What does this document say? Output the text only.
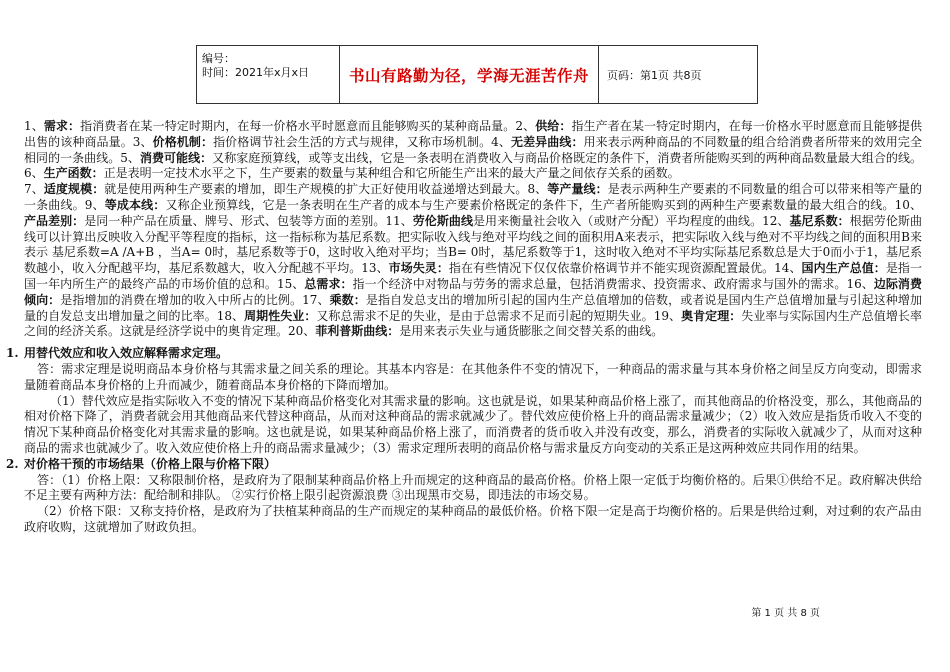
编号：
时间：2021年x月x日	书山有路勤为径，学海无涯苦作舟 页码：第1页 共8页

1、需求：指消费者在某一特定时期内，在每一价格水平时愿意而且能够购买的某种商品量。2、供给：指生产者在某一特定时期内，在每一价格水平时愿意而且能够提供出售的该种商品量。3、价格机制：指价格调节社会生活的方式与规律，又称市场机制。4、无差异曲线：用来表示两种商品的不同数量的组合给消费者所带来的效用完全相同的一条曲线。5、消费可能线：又称家庭预算线，或等支出线，它是一条表明在消费收入与商品价格既定的条件下，消费者所能购买到的两种商品数量最大组合的线。6、生产函数：正是表明一定技术水平之下，生产要素的数量与某种组合和它所能生产出来的最大产量之间依存关系的函数。

7、适度规模：就是使用两种生产要素的增加，即生产规模的扩大正好使用收益递增达到最大。8、等产量线：是表示两种生产要素的不同数量的组合可以带来相等产量的一条曲线。9、等成本线：又称企业预算线，它是一条表明在生产者的成本与生产要素价格既定的条件下，生产者所能购买到的两种生产要素数量的最大组合的线。10、产品差别：是同一种产品在质量、牌号、形式、包装等方面的差别。11、劳伦斯曲线是用来衡量社会收入（或财产分配）平均程度的曲线。12、基尼系数：根据劳伦斯曲线可以计算出反映收入分配平等程度的指标，这一指标称为基尼系数。把实际收入线与绝对平均线之间的面积用A来表示，把实际收入线与绝对不平均线之间的面积用B来表示 基尼系数=A /A+B ，当A= 0时，基尼系数等于0，这时收入绝对平均；当B= 0时，基尼系数等于1，这时收入绝对不平均实际基尼系数总是大于0而小于1，基尼系数越小，收入分配越平均，基尼系数越大，收入分配越不平均。13、市场失灵：指在有些情况下仅仅依靠价格调节并不能实现资源配置最优。14、国内生产总值：是指一国一年内所生产的最终产品的市场价值的总和。15、总需求：指一个经济中对物品与劳务的需求总量，包括消费需求、投资需求、政府需求与国外的需求。16、边际消费倾向：是指增加的消费在增加的收入中所占的比例。17、乘数：是指自发总支出的增加所引起的国内生产总值增加的倍数，或者说是国内生产总值增加量与引起这种增加量的自发总支出增加量之间的比率。18、周期性失业：又称总需求不足的失业，是由于总需求不足而引起的短期失业。19、奥肯定理：失业率与实际国内生产总值增长率之间的经济关系。这就是经济学说中的奥肯定理。20、菲利普斯曲线：是用来表示失业与通货膨胀之间交替关系的曲线。

1. 用替代效应和收入效应解释需求定理。

答：需求定理是说明商品本身价格与其需求量之间关系的理论。其基本内容是：在其他条件不变的情况下，一种商品的需求量与其本身价格之间呈反方向变动，即需求量随着商品本身价格的上升而减少，随着商品本身价格的下降而增加。

（1）替代效应是指实际收入不变的情况下某种商品价格变化对其需求量的影响。这也就是说，如果某种商品价格上涨了，而其他商品的价格没变，那么，其他商品的相对价格下降了，消费者就会用其他商品来代替这种商品，从而对这种商品的需求就减少了。替代效应使价格上升的商品需求量减少；（2）收入效应是指货币收入不变的情况下某种商品价格变化对其需求量的影响。这也就是说，如果某种商品价格上涨了，而消费者的货币收入并没有改变，那么，消费者的实际收入就减少了，从而对这种商品的需求也就减少了。收入效应使价格上升的商品需求量减少；（3）需求定理所表明的商品价格与需求量反方向变动的关系正是这两种效应共同作用的结果。

2. 对价格干预的市场结果（价格上限与价格下限）

答：（1）价格上限：又称限制价格，是政府为了限制某种商品价格上升而规定的这种商品的最高价格。价格上限一定低于均衡价格的。后果①供给不足。政府解决供给不足主要有两种方法：配给制和排队。 ②实行价格上限引起资源浪费 ③出现黑市交易，即违法的市场交易。

（2）价格下限：又称支持价格，是政府为了扶植某种商品的生产而规定的某种商品的最低价格。价格下限一定是高于均衡价格的。后果是供给过剩，对过剩的农产品由政府收购，这就增加了财政负担。

第 1 页 共 8 页
